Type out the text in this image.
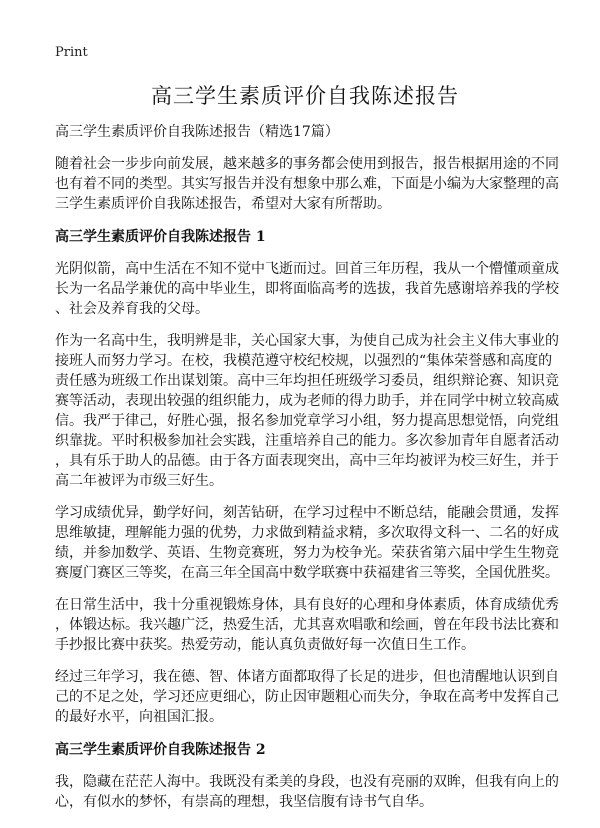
Print
高三学生素质评价自我陈述报告
高三学生素质评价自我陈述报告（精选17篇）
随着社会一步步向前发展，越来越多的事务都会使用到报告，报告根据用途的不同
也有着不同的类型。其实写报告并没有想象中那么难，下面是小编为大家整理的高
三学生素质评价自我陈述报告，希望对大家有所帮助。
高三学生素质评价自我陈述报告 1
光阴似箭，高中生活在不知不觉中飞逝而过。回首三年历程，我从一个懵懂顽童成
长为一名品学兼优的高中毕业生，即将面临高考的选拔，我首先感谢培养我的学校
、社会及养育我的父母。
作为一名高中生，我明辨是非，关心国家大事，为使自己成为社会主义伟大事业的
接班人而努力学习。在校，我模范遵守校纪校规，以强烈的“集体荣誉感和高度的
责任感为班级工作出谋划策。高中三年均担任班级学习委员，组织辩论赛、知识竞
赛等活动，表现出较强的组织能力，成为老师的得力助手，并在同学中树立较高威
信。我严于律己，好胜心强，报名参加党章学习小组，努力提高思想觉悟，向党组
织靠拢。平时积极参加社会实践，注重培养自己的能力。多次参加青年自愿者活动
，具有乐于助人的品德。由于各方面表现突出，高中三年均被评为校三好生，并于
高二年被评为市级三好生。
学习成绩优异，勤学好问，刻苦钻研，在学习过程中不断总结，能融会贯通，发挥
思维敏捷，理解能力强的优势，力求做到精益求精，多次取得文科一、二名的好成
绩，并参加数学、英语、生物竞赛班，努力为校争光。荣获省第六届中学生生物竞
赛厦门赛区三等奖，在高三年全国高中数学联赛中获福建省三等奖，全国优胜奖。
在日常生活中，我十分重视锻炼身体，具有良好的心理和身体素质，体育成绩优秀
，体锻达标。我兴趣广泛，热爱生活，尤其喜欢唱歌和绘画，曾在年段书法比赛和
手抄报比赛中获奖。热爱劳动，能认真负责做好每一次值日生工作。
经过三年学习，我在德、智、体诸方面都取得了长足的进步，但也清醒地认识到自
己的不足之处，学习还应更细心，防止因审题粗心而失分，争取在高考中发挥自己
的最好水平，向祖国汇报。
高三学生素质评价自我陈述报告 2
我，隐藏在茫茫人海中。我既没有柔美的身段，也没有亮丽的双眸，但我有向上的
心，有似水的梦怀，有崇高的理想，我坚信腹有诗书气自华。
